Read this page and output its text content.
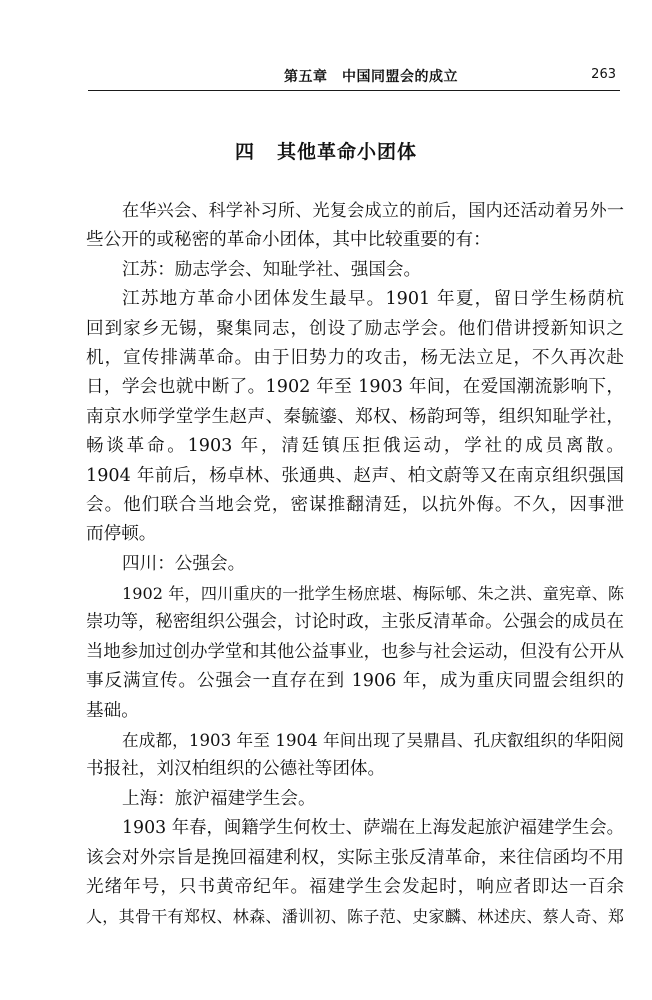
第五章　中国同盟会的成立	263
四 其他革命小团体
在华兴会、科学补习所、光复会成立的前后，国内还活动着另外一
些公开的或秘密的革命小团体，其中比较重要的有：
江苏：励志学会、知耻学社、强国会。
江苏地方革命小团体发生最早。1901 年夏，留日学生杨荫杭
回到家乡无锡，聚集同志，创设了励志学会。他们借讲授新知识之
机，宣传排满革命。由于旧势力的攻击，杨无法立足，不久再次赴
日，学会也就中断了。1902 年至 1903 年间，在爱国潮流影响下，
南京水师学堂学生赵声、秦毓鎏、郑权、杨韵珂等，组织知耻学社，
畅谈革命。1903 年，清廷镇压拒俄运动，学社的成员离散。
1904 年前后，杨卓林、张通典、赵声、柏文蔚等又在南京组织强国
会。他们联合当地会党，密谋推翻清廷，以抗外侮。不久，因事泄
而停顿。
四川：公强会。
1902 年，四川重庆的一批学生杨庶堪、梅际郇、朱之洪、童宪章、陈
崇功等，秘密组织公强会，讨论时政，主张反清革命。公强会的成员在
当地参加过创办学堂和其他公益事业，也参与社会运动，但没有公开从
事反满宣传。公强会一直存在到 1906 年，成为重庆同盟会组织的
基础。
在成都，1903 年至 1904 年间出现了吴鼎昌、孔庆叡组织的华阳阅
书报社，刘汉柏组织的公德社等团体。
上海：旅沪福建学生会。
1903 年春，闽籍学生何枚士、萨端在上海发起旅沪福建学生会。
该会对外宗旨是挽回福建利权，实际主张反清革命，来往信函均不用
光绪年号，只书黄帝纪年。福建学生会发起时，响应者即达一百余
人，其骨干有郑权、林森、潘训初、陈子范、史家麟、林述庆、蔡人奇、郑
